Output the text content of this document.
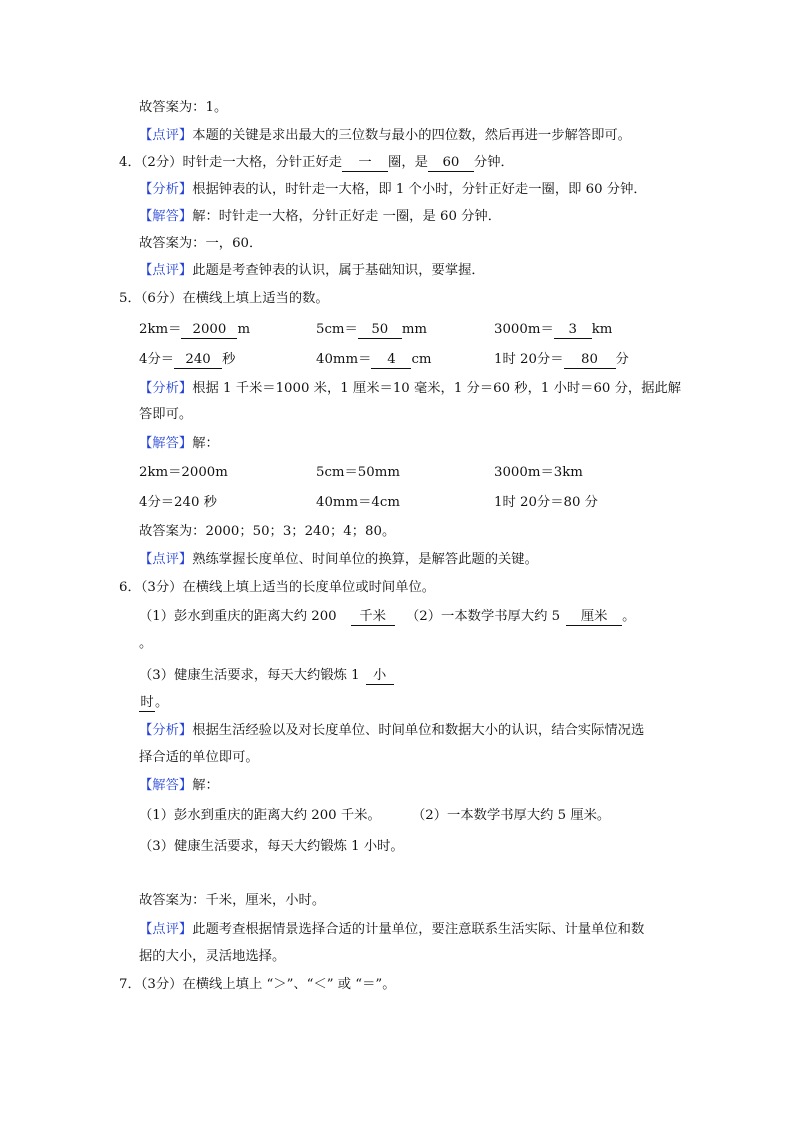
故答案为：1。
【点评】本题的关键是求出最大的三位数与最小的四位数，然后再进一步解答即可。
4．（2分）时针走一大格，分针正好走 一 圈，是 60 分钟．
【分析】根据钟表的认，时针走一大格，即 1 个小时，分针正好走一圈，即 60 分钟．
【解答】解：时针走一大格，分针正好走 一圈，是 60 分钟．
故答案为：一，60．
【点评】此题是考查钟表的认识，属于基础知识，要掌握．
5．（6分）在横线上填上适当的数。
2km＝ 2000 m	5cm＝ 50 mm	3000m＝ 3 km
4分＝ 240 秒	40mm＝ 4 cm	1时 20分＝ 80 分
【分析】根据 1 千米＝1000 米，1 厘米＝10 毫米，1 分＝60 秒，1 小时＝60 分，据此解
答即可。
【解答】解：
2km＝2000m	5cm＝50mm	3000m＝3km
4分＝240 秒	40mm＝4cm	1时 20分＝80 分
故答案为：2000；50；3；240；4；80。
【点评】熟练掌握长度单位、时间单位的换算，是解答此题的关键。
6．（3分）在横线上填上适当的长度单位或时间单位。
（1）彭水到重庆的距离大约 200 千米	（2）一本数学书厚大约 5 厘米 。
。
（3）健康生活要求，每天大约锻炼 1 小
时。
【分析】根据生活经验以及对长度单位、时间单位和数据大小的认识，结合实际情况选
择合适的单位即可。
【解答】解：
（1）彭水到重庆的距离大约 200 千米。 （2）一本数学书厚大约 5 厘米。
（3）健康生活要求，每天大约锻炼 1 小时。
故答案为：千米，厘米，小时。
【点评】此题考查根据情景选择合适的计量单位，要注意联系生活实际、计量单位和数
据的大小，灵活地选择。
7．（3分）在横线上填上 “＞”、“＜” 或 “＝”。
